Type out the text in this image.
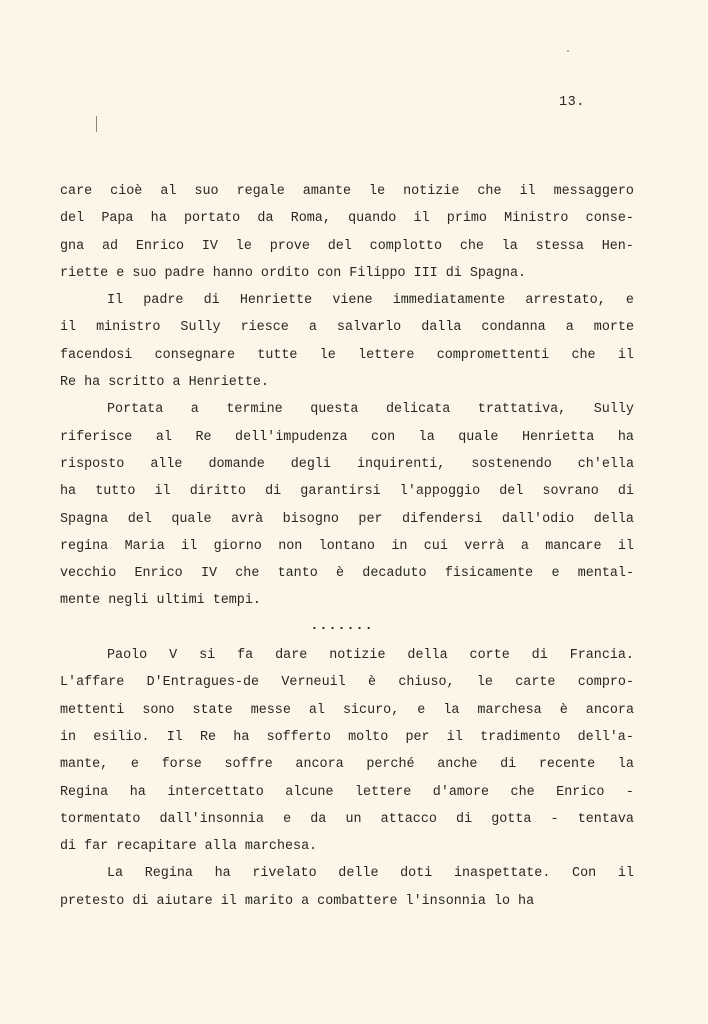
13.
care cioè al suo regale amante le notizie che il messaggero
del Papa ha portato da Roma, quando il primo Ministro conse-
gna ad Enrico IV le prove del complotto che la stessa Hen-
riette e suo padre hanno ordito con Filippo III di Spagna.
Il padre di Henriette viene immediatamente arrestato, e
il ministro Sully riesce a salvarlo dalla condanna a morte
facendosi consegnare tutte le lettere compromettenti che il
Re ha scritto a Henriette.
Portata a termine questa delicata trattativa, Sully
riferisce al Re dell'impudenza con la quale Henrietta ha
risposto alle domande degli inquirenti, sostenendo ch'ella
ha tutto il diritto di garantirsi l'appoggio del sovrano di
Spagna del quale avrà bisogno per difendersi dall'odio della
regina Maria il giorno non lontano in cui verrà a mancare il
vecchio Enrico IV che tanto è decaduto fisicamente e mental-
mente negli ultimi tempi.
.......
Paolo V si fa dare notizie della corte di Francia.
L'affare D'Entragues-de Verneuil è chiuso, le carte compro-
mettenti sono state messe al sicuro, e la marchesa è ancora
in esilio. Il Re ha sofferto molto per il tradimento dell'a-
mante, e forse soffre ancora perché anche di recente la
Regina ha intercettato alcune lettere d'amore che Enrico -
tormentato dall'insonnia e da un attacco di gotta - tentava
di far recapitare alla marchesa.
La Regina ha rivelato delle doti inaspettate. Con il
pretesto di aiutare il marito a combattere l'insonnia lo ha
